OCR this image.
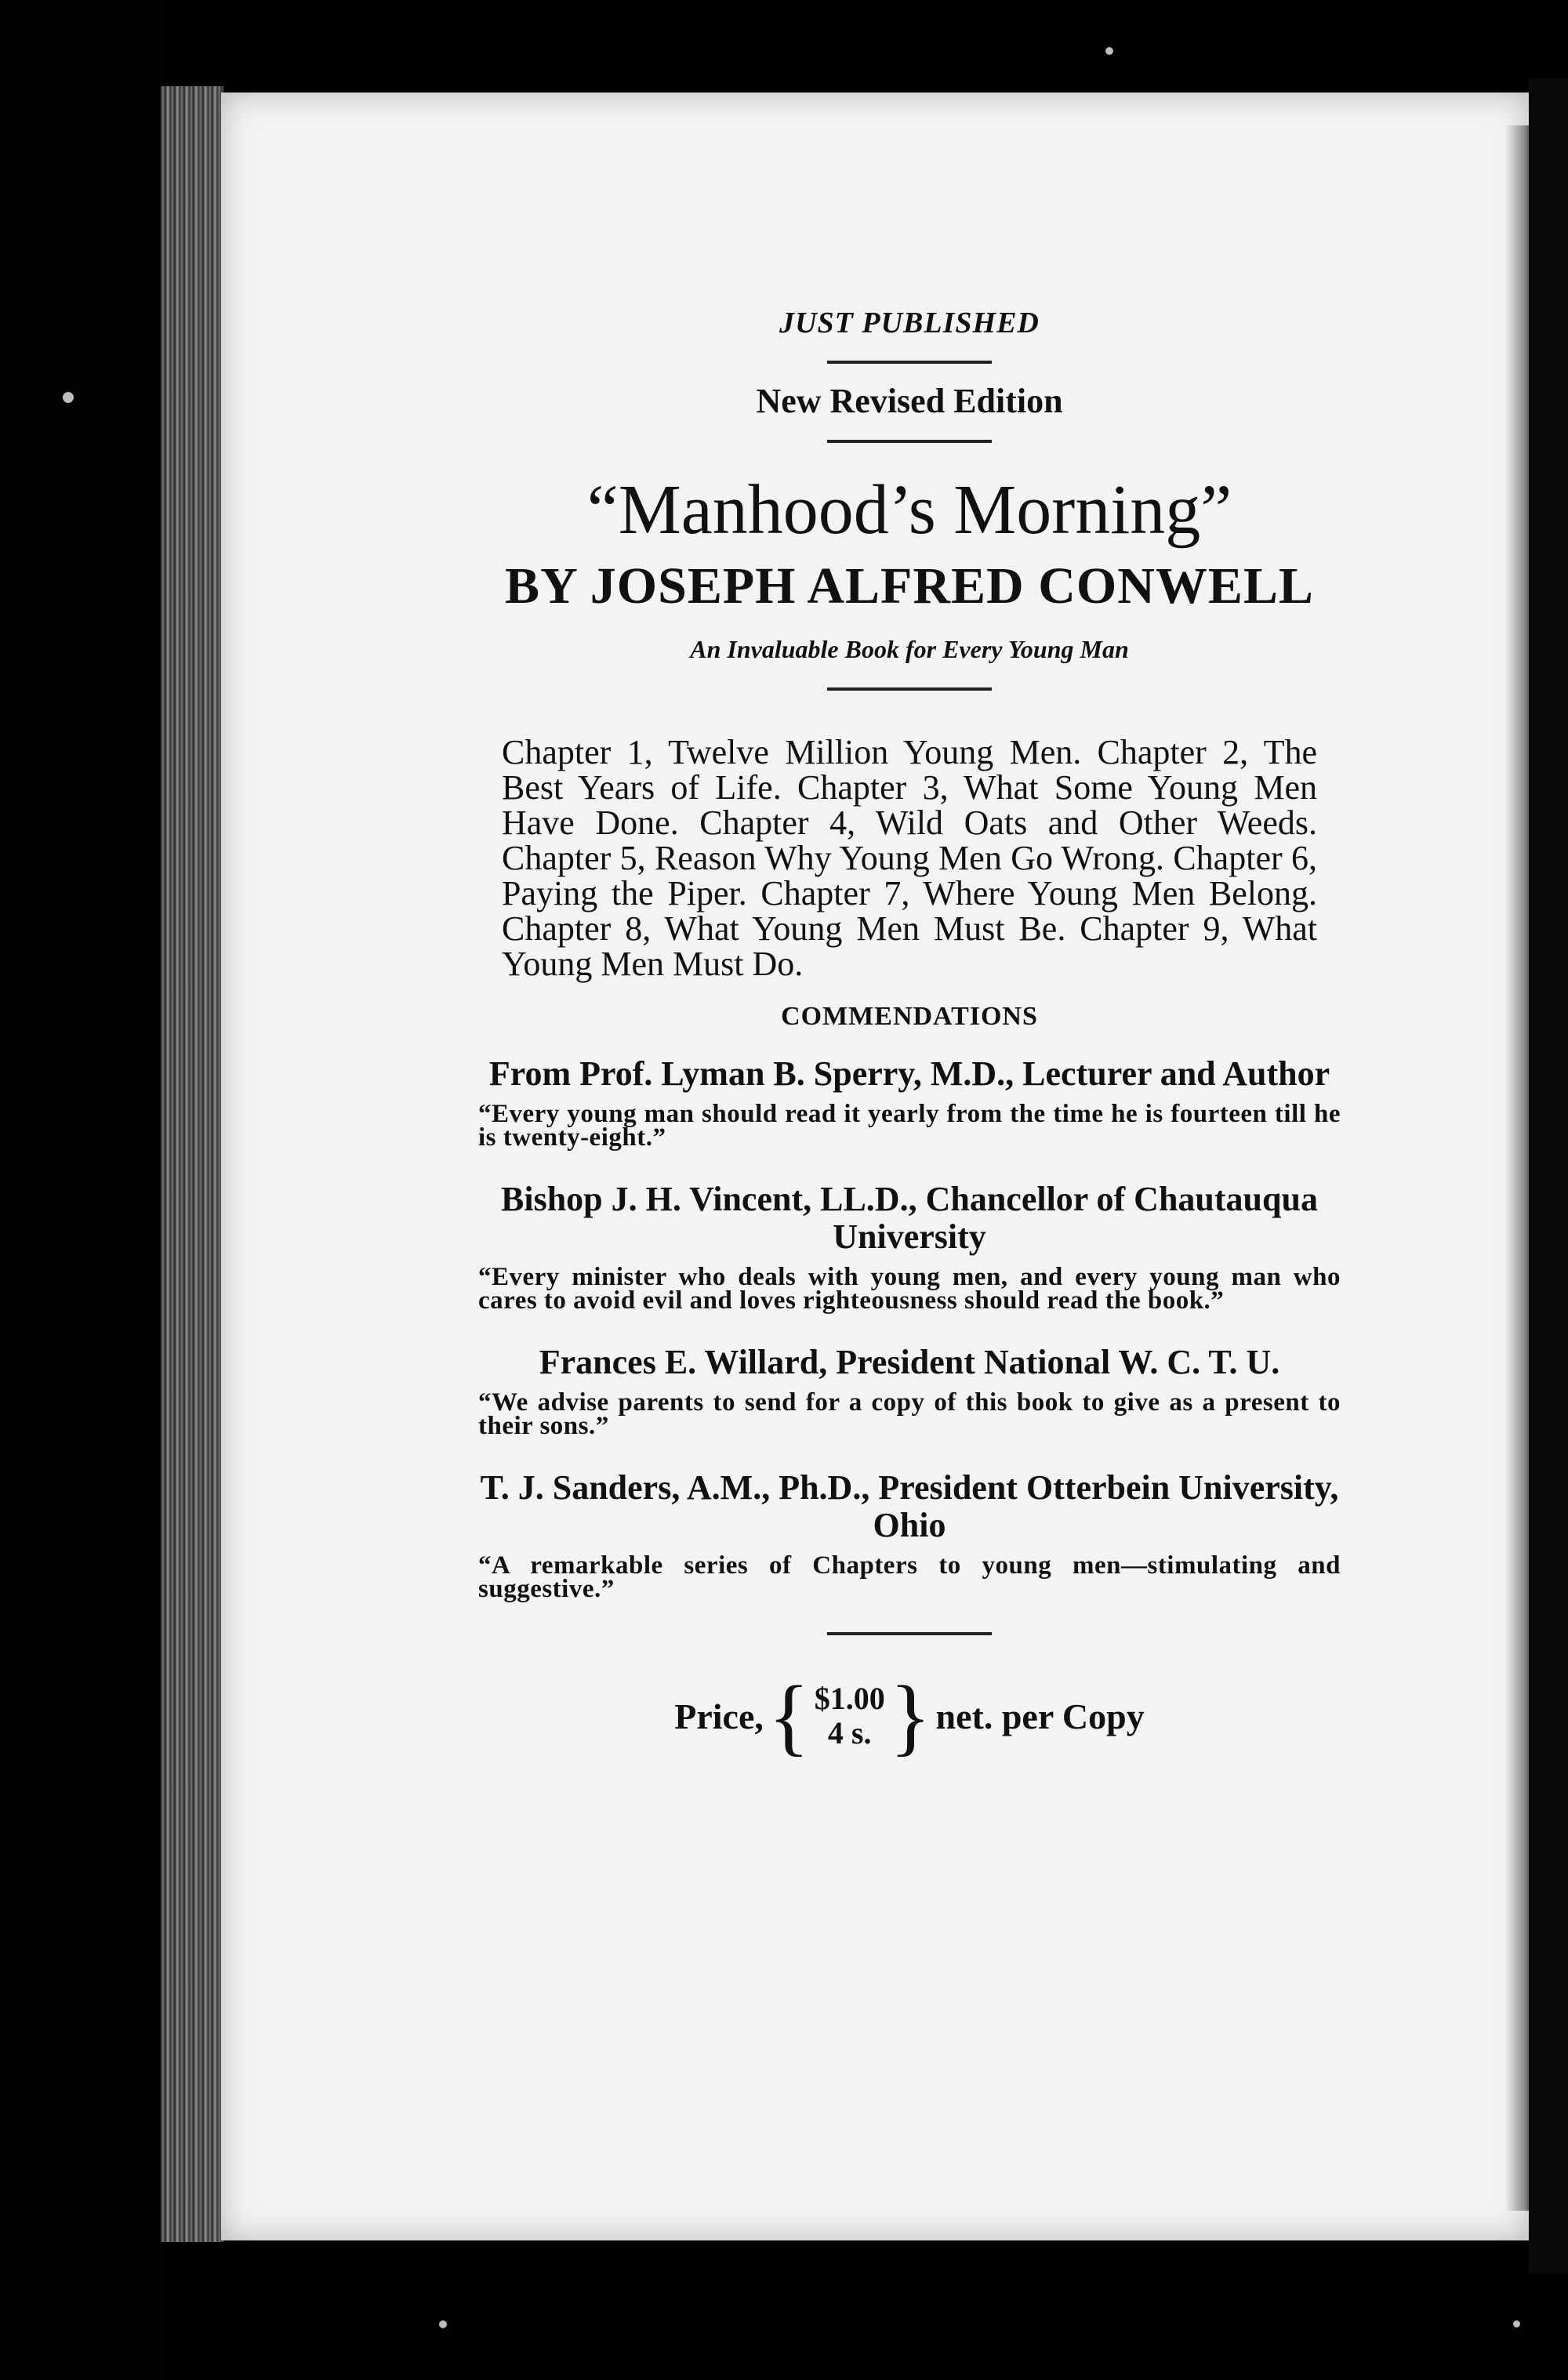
JUST PUBLISHED
New Revised Edition
“Manhood’s Morning”
BY JOSEPH ALFRED CONWELL
An Invaluable Book for Every Young Man
Chapter 1, Twelve Million Young Men. Chapter 2, The Best Years of Life. Chapter 3, What Some Young Men Have Done. Chapter 4, Wild Oats and Other Weeds. Chapter 5, Reason Why Young Men Go Wrong. Chapter 6, Paying the Piper. Chapter 7, Where Young Men Belong. Chapter 8, What Young Men Must Be. Chapter 9, What Young Men Must Do.
COMMENDATIONS
From Prof. Lyman B. Sperry, M.D., Lecturer and Author
“Every young man should read it yearly from the time he is fourteen till he is twenty-eight.”
Bishop J. H. Vincent, LL.D., Chancellor of Chautauqua University
“Every minister who deals with young men, and every young man who cares to avoid evil and loves righteousness should read the book.”
Frances E. Willard, President National W. C. T. U.
“We advise parents to send for a copy of this book to give as a present to their sons.”
T. J. Sanders, A.M., Ph.D., President Otterbein University, Ohio
“A remarkable series of Chapters to young men—stimulating and suggestive.”
Price, { $1.00
4 s. } net. per Copy
